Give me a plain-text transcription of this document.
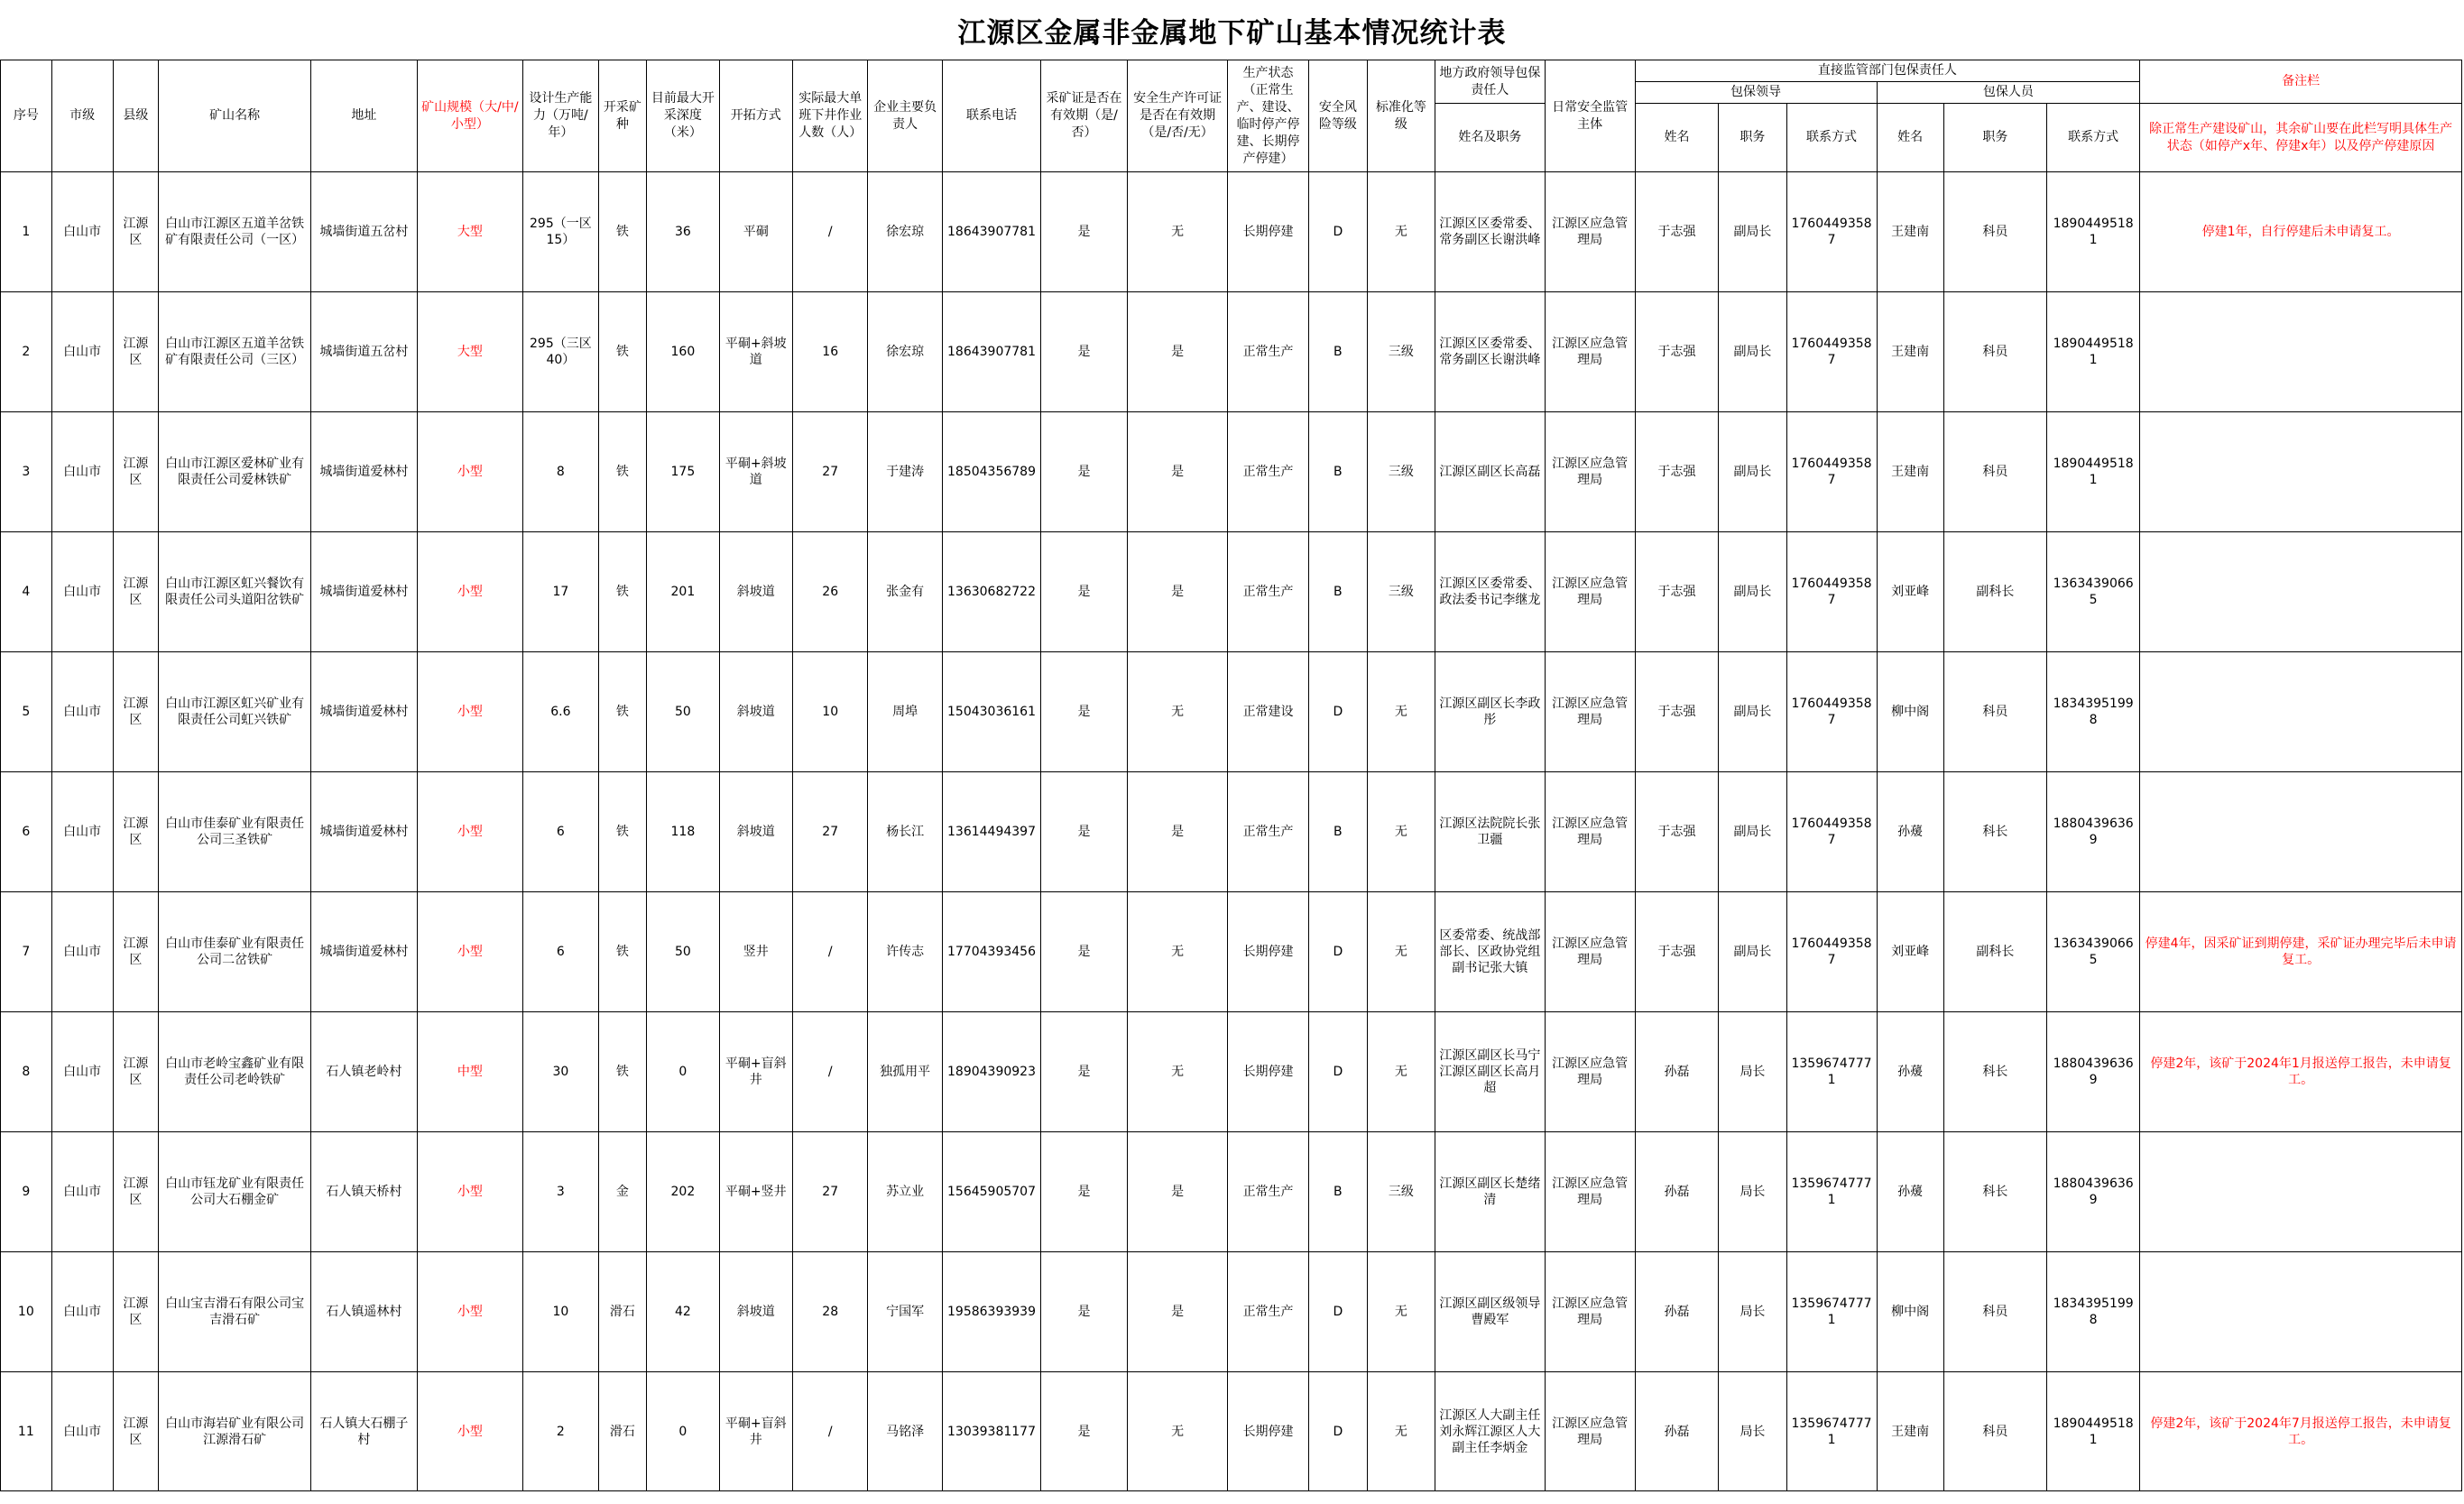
江源区金属非金属地下矿山基本情况统计表
序号	市级	县级	矿山名称	地址	矿山规模（大/中/小型）	设计生产能力（万吨/年）	开采矿种	目前最大开采深度（米）	开拓方式	实际最大单班下井作业人数（人）	企业主要负责人	联系电话	采矿证是否在有效期（是/否）	安全生产许可证是否在有效期（是/否/无）	生产状态（正常生产、建设、临时停产停建、长期停产停建）	安全风险等级	标准化等级	地方政府领导包保责任人	日常安全监管主体	直接监管部门包保责任人						备注栏
																				包保领导			包保人员			
																		姓名及职务		姓名	职务	联系方式	姓名	职务	联系方式	除正常生产建设矿山，其余矿山要在此栏写明具体生产状态（如停产x年、停建x年）以及停产停建原因
1	白山市	江源区	白山市江源区五道羊岔铁矿有限责任公司（一区）	城墙街道五岔村	大型	295（一区15）	铁	36	平硐	/	徐宏琼	18643907781	是	无	长期停建	D	无	江源区区委常委、常务副区长谢洪峰	江源区应急管理局	于志强	副局长	17604493587	王建南	科员	18904495181	停建1年，自行停建后未申请复工。
2	白山市	江源区	白山市江源区五道羊岔铁矿有限责任公司（三区）	城墙街道五岔村	大型	295（三区40）	铁	160	平硐+斜坡道	16	徐宏琼	18643907781	是	是	正常生产	B	三级	江源区区委常委、常务副区长谢洪峰	江源区应急管理局	于志强	副局长	17604493587	王建南	科员	18904495181	
3	白山市	江源区	白山市江源区爱林矿业有限责任公司爱林铁矿	城墙街道爱林村	小型	8	铁	175	平硐+斜坡道	27	于建涛	18504356789	是	是	正常生产	B	三级	江源区副区长高磊	江源区应急管理局	于志强	副局长	17604493587	王建南	科员	18904495181	
4	白山市	江源区	白山市江源区虹兴餐饮有限责任公司头道阳岔铁矿	城墙街道爱林村	小型	17	铁	201	斜坡道	26	张金有	13630682722	是	是	正常生产	B	三级	江源区区委常委、政法委书记李继龙	江源区应急管理局	于志强	副局长	17604493587	刘亚峰	副科长	13634390665	
5	白山市	江源区	白山市江源区虹兴矿业有限责任公司虹兴铁矿	城墙街道爱林村	小型	6.6	铁	50	斜坡道	10	周埠	15043036161	是	无	正常建设	D	无	江源区副区长李政彤	江源区应急管理局	于志强	副局长	17604493587	柳中阁	科员	18343951998	
6	白山市	江源区	白山市佳泰矿业有限责任公司三圣铁矿	城墙街道爱林村	小型	6	铁	118	斜坡道	27	杨长江	13614494397	是	是	正常生产	B	无	江源区法院院长张卫疆	江源区应急管理局	于志强	副局长	17604493587	孙蕿	科长	18804396369	
7	白山市	江源区	白山市佳泰矿业有限责任公司二岔铁矿	城墙街道爱林村	小型	6	铁	50	竖井	/	许传志	17704393456	是	无	长期停建	D	无	区委常委、统战部部长、区政协党组副书记张大镇	江源区应急管理局	于志强	副局长	17604493587	刘亚峰	副科长	13634390665	停建4年，因采矿证到期停建，采矿证办理完毕后未申请复工。
8	白山市	江源区	白山市老岭宝鑫矿业有限责任公司老岭铁矿	石人镇老岭村	中型	30	铁	0	平硐+盲斜井	/	独孤用平	18904390923	是	无	长期停建	D	无	江源区副区长马宁江源区副区长高月超	江源区应急管理局	孙磊	局长	13596747771	孙蕿	科长	18804396369	停建2年，该矿于2024年1月报送停工报告，未申请复工。
9	白山市	江源区	白山市钰龙矿业有限责任公司大石棚金矿	石人镇天桥村	小型	3	金	202	平硐+竖井	27	苏立业	15645905707	是	是	正常生产	B	三级	江源区副区长楚绪清	江源区应急管理局	孙磊	局长	13596747771	孙蕿	科长	18804396369	
10	白山市	江源区	白山宝吉滑石有限公司宝吉滑石矿	石人镇遥林村	小型	10	滑石	42	斜坡道	28	宁国军	19586393939	是	是	正常生产	D	无	江源区副区级领导曹殿军	江源区应急管理局	孙磊	局长	13596747771	柳中阁	科员	18343951998	
11	白山市	江源区	白山市海岩矿业有限公司江源滑石矿	石人镇大石棚子村	小型	2	滑石	0	平硐+盲斜井	/	马铭泽	13039381177	是	无	长期停建	D	无	江源区人大副主任刘永辉江源区人大副主任李炳金	江源区应急管理局	孙磊	局长	13596747771	王建南	科员	18904495181	停建2年，该矿于2024年7月报送停工报告，未申请复工。
